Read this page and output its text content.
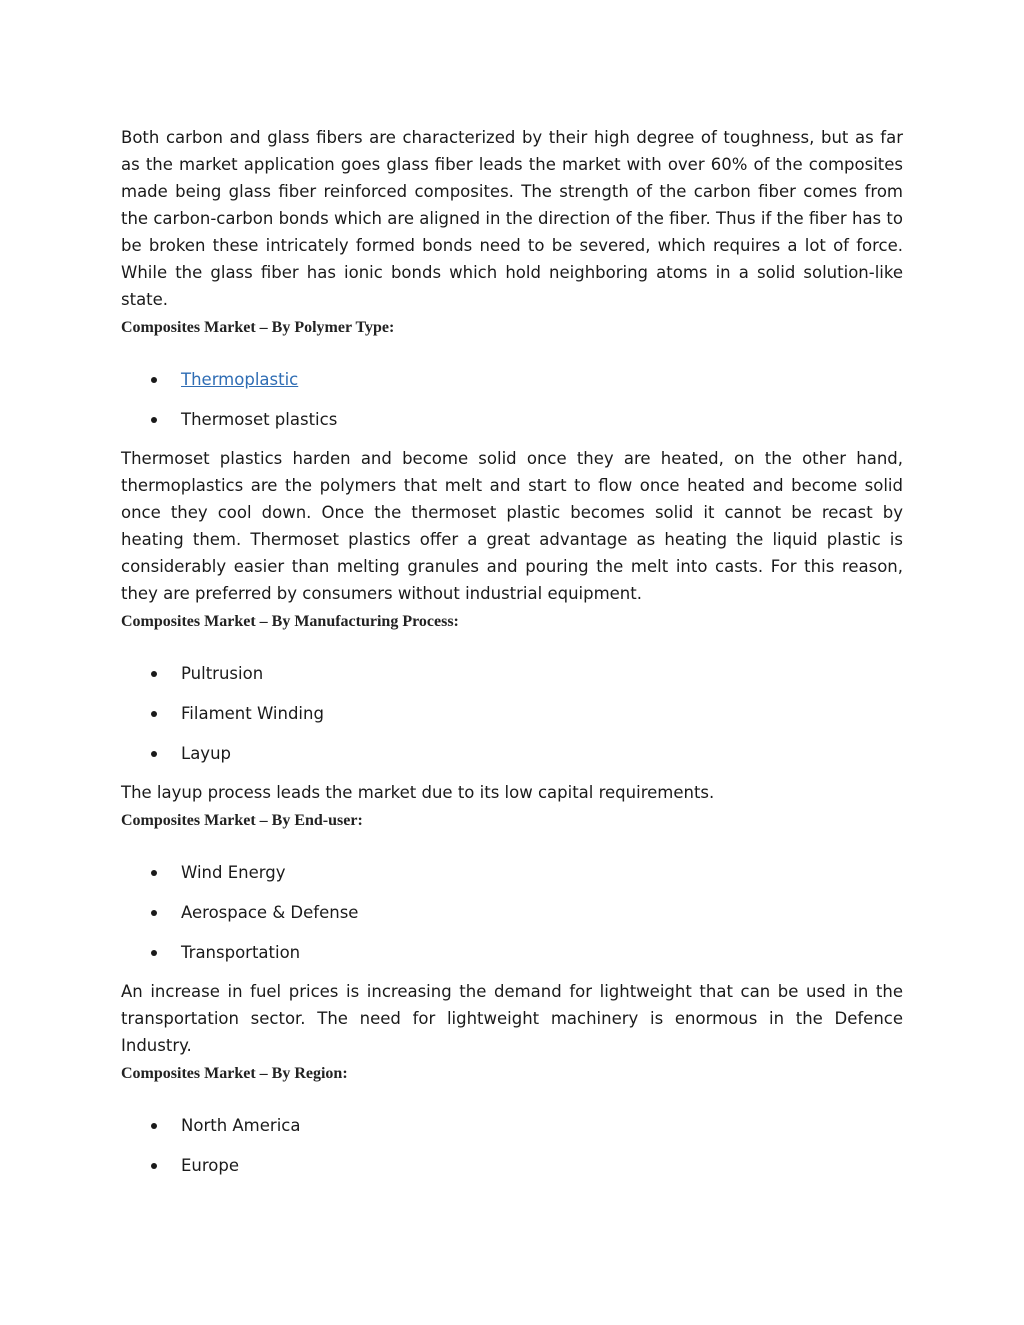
Both carbon and glass fibers are characterized by their high degree of toughness, but as far as the market application goes glass fiber leads the market with over 60% of the composites made being glass fiber reinforced composites. The strength of the carbon fiber comes from the carbon-carbon bonds which are aligned in the direction of the fiber. Thus if the fiber has to be broken these intricately formed bonds need to be severed, which requires a lot of force. While the glass fiber has ionic bonds which hold neighboring atoms in a solid solution-like state.

Composites Market – By Polymer Type:
Thermoplastic
Thermoset plastics

Thermoset plastics harden and become solid once they are heated, on the other hand, thermoplastics are the polymers that melt and start to flow once heated and become solid once they cool down. Once the thermoset plastic becomes solid it cannot be recast by heating them. Thermoset plastics offer a great advantage as heating the liquid plastic is considerably easier than melting granules and pouring the melt into casts. For this reason, they are preferred by consumers without industrial equipment.

Composites Market – By Manufacturing Process:
Pultrusion
Filament Winding
Layup

The layup process leads the market due to its low capital requirements.

Composites Market – By End-user:
Wind Energy
Aerospace & Defense
Transportation

An increase in fuel prices is increasing the demand for lightweight that can be used in the transportation sector. The need for lightweight machinery is enormous in the Defence Industry.

Composites Market – By Region:
North America
Europe
